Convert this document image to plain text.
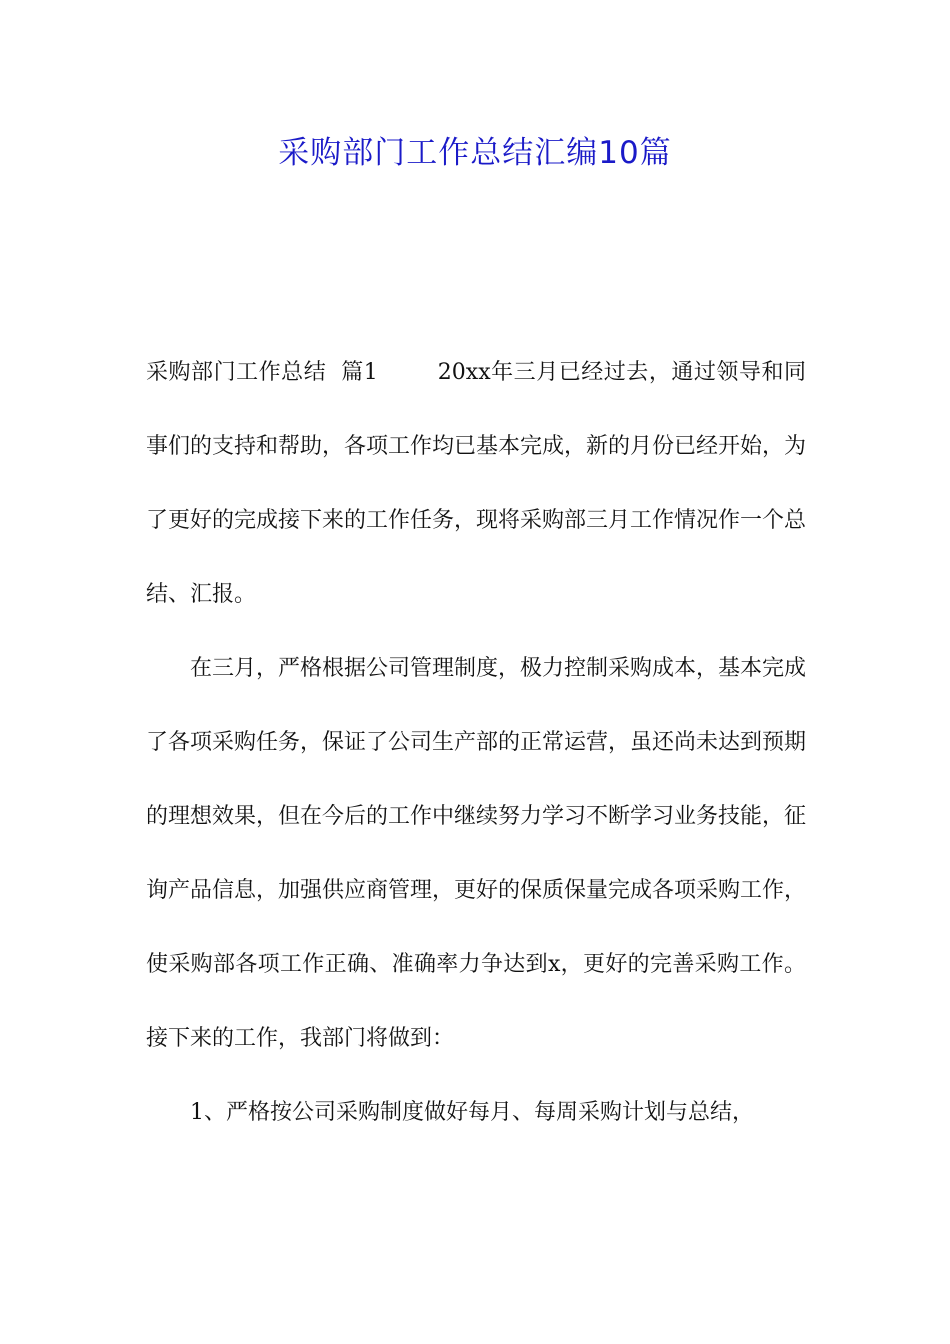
采购部门工作总结汇编10篇

采购部门工作总结  篇1	20xx年三月已经过去，通过领导和同事们的支持和帮助，各项工作均已基本完成，新的月份已经开始，为了更好的完成接下来的工作任务，现将采购部三月工作情况作一个总结、汇报。

在三月，严格根据公司管理制度，极力控制采购成本，基本完成了各项采购任务，保证了公司生产部的正常运营，虽还尚未达到预期的理想效果，但在今后的工作中继续努力学习不断学习业务技能，征询产品信息，加强供应商管理，更好的保质保量完成各项采购工作，使采购部各项工作正确、准确率力争达到x，更好的完善采购工作。接下来的工作，我部门将做到：

1、严格按公司采购制度做好每月、每周采购计划与总结，
